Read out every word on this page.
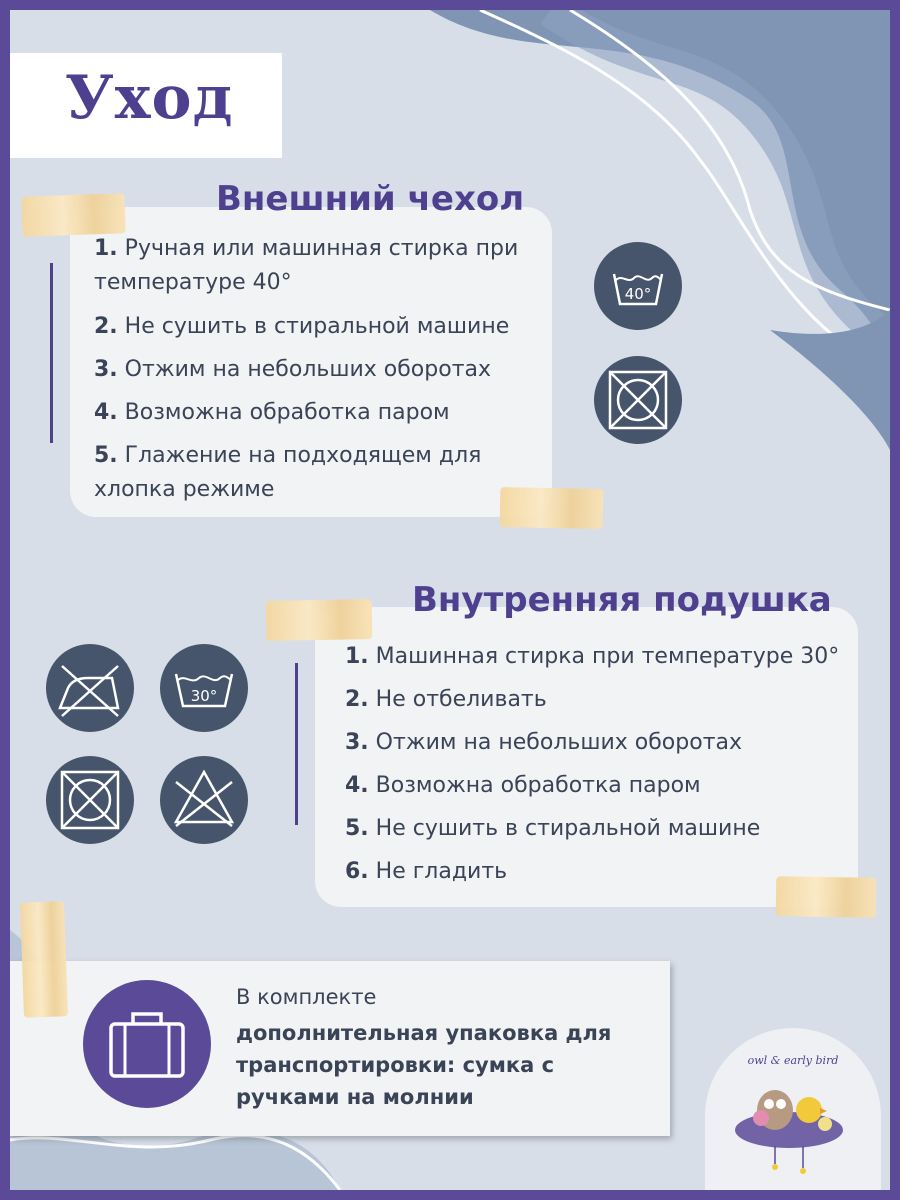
Уход
Внешний чехол
1. Ручная или машинная стирка при температуре 40°
2. Не сушить в стиральной машине
3. Отжим на небольших оборотах
4. Возможна обработка паром
5. Глажение на подходящем для хлопка режиме
40°
Внутренняя подушка
1. Машинная стирка при температуре 30°
2. Не отбеливать
3. Отжим на небольших оборотах
4. Возможна обработка паром
5. Не сушить в стиральной машине
6. Не гладить
30°
В комплекте
дополнительная упаковка для транспортировки: сумка с ручками на молнии
owl & early bird
